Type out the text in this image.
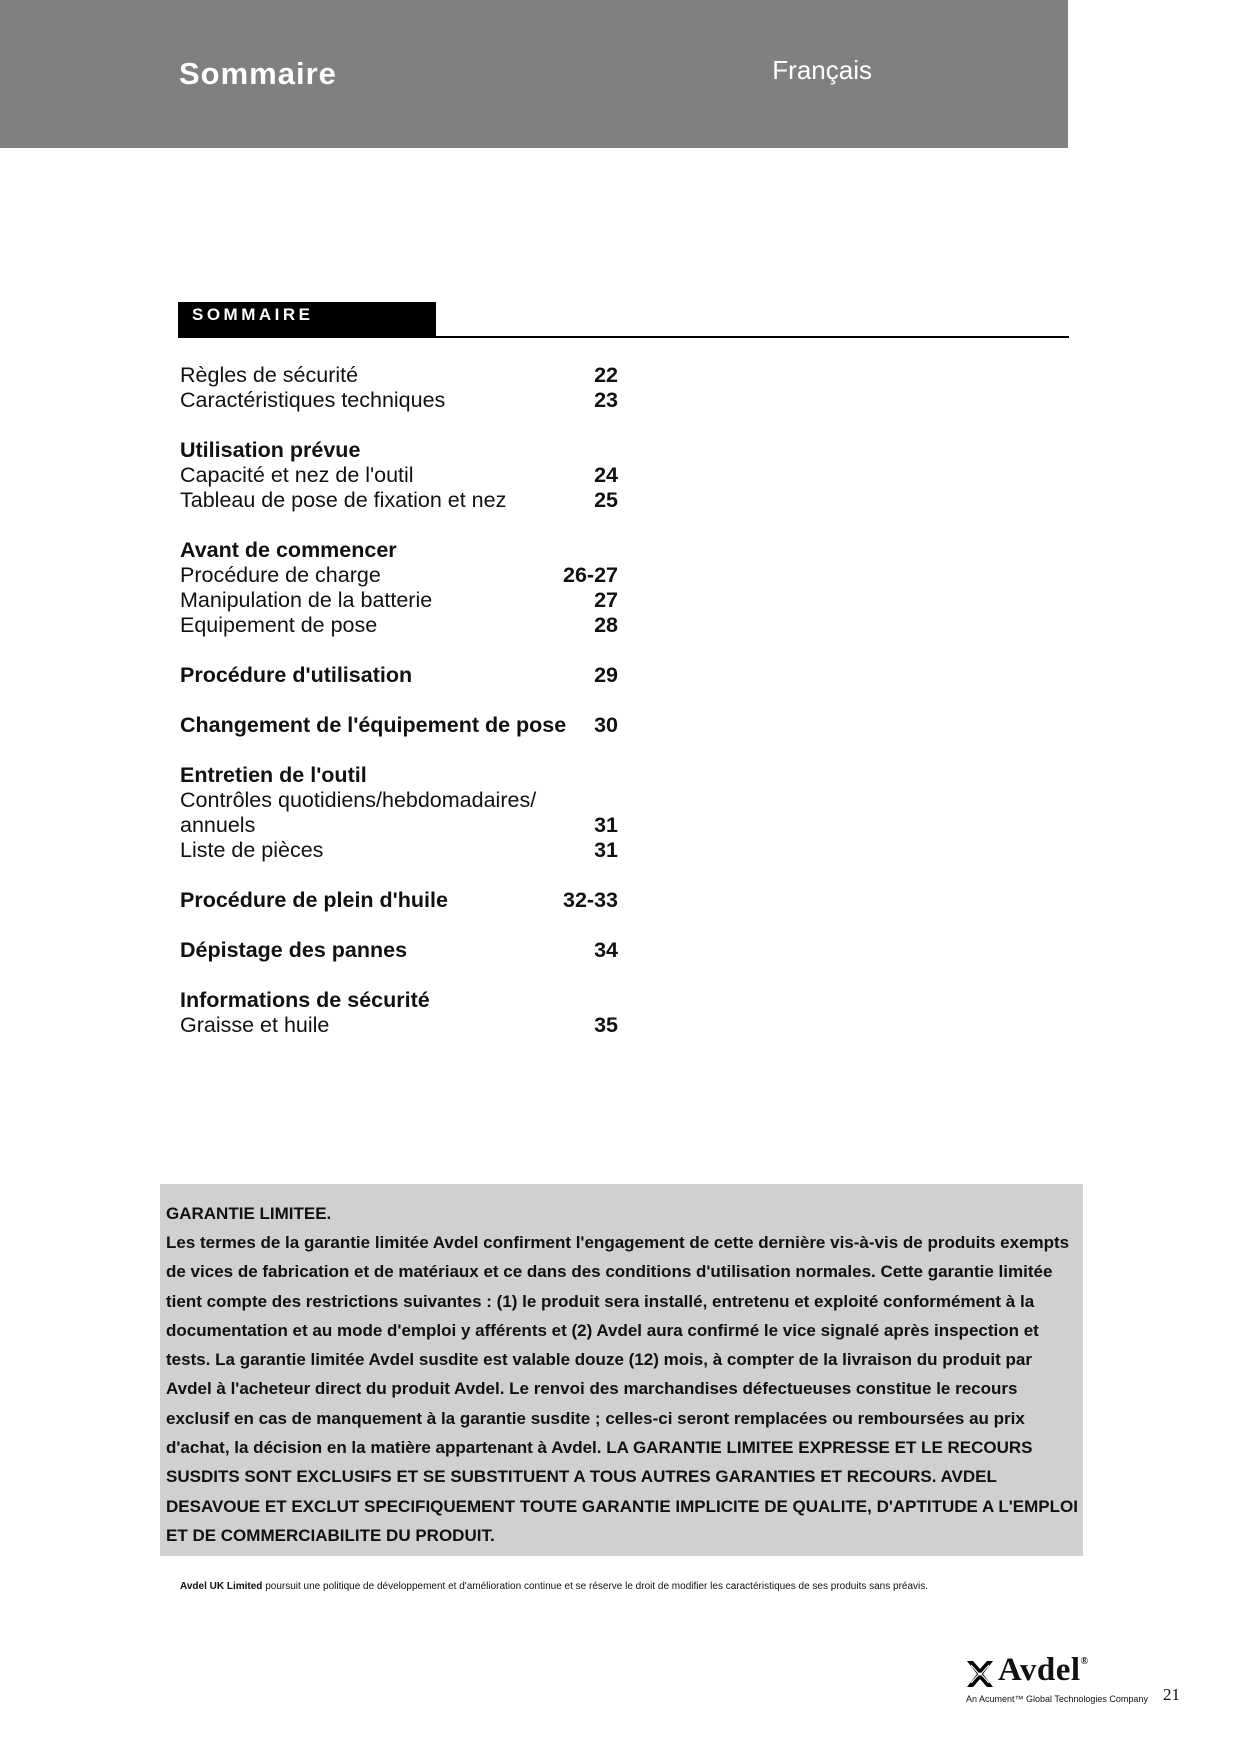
Sommaire	Français
SOMMAIRE
Règles de sécurité	22
Caractéristiques techniques	23
Utilisation prévue
Capacité et nez de l'outil	24
Tableau de pose de fixation et nez	25
Avant de commencer
Procédure de charge	26-27
Manipulation de la batterie	27
Equipement de pose	28
Procédure d'utilisation	29
Changement de l'équipement de pose 30
Entretien de l'outil
Contrôles quotidiens/hebdomadaires/
annuels	31
Liste de pièces	31
Procédure de plein d'huile	32-33
Dépistage des pannes	34
Informations de sécurité
Graisse et huile	35
GARANTIE LIMITEE.
Les termes de la garantie limitée Avdel confirment l'engagement de cette dernière vis-à-vis de produits exempts de vices de fabrication et de matériaux et ce dans des conditions d'utilisation normales. Cette garantie limitée tient compte des restrictions suivantes : (1) le produit sera installé, entretenu et exploité conformément à la documentation et au mode d'emploi y afférents et (2) Avdel aura confirmé le vice signalé après inspection et tests. La garantie limitée Avdel susdite est valable douze (12) mois, à compter de la livraison du produit par Avdel à l'acheteur direct du produit Avdel. Le renvoi des marchandises défectueuses constitue le recours exclusif en cas de manquement à la garantie susdite ; celles-ci seront remplacées ou remboursées au prix d'achat, la décision en la matière appartenant à Avdel. LA GARANTIE LIMITEE EXPRESSE ET LE RECOURS SUSDITS SONT EXCLUSIFS ET SE SUBSTITUENT A TOUS AUTRES GARANTIES ET RECOURS. AVDEL DESAVOUE ET EXCLUT SPECIFIQUEMENT TOUTE GARANTIE IMPLICITE DE QUALITE, D'APTITUDE A L'EMPLOI ET DE COMMERCIABILITE DU PRODUIT.
Avdel UK Limited poursuit une politique de développement et d'amélioration continue et se réserve le droit de modifier les caractéristiques de ses produits sans préavis.
Avdel®
An Acument™ Global Technologies Company 21
